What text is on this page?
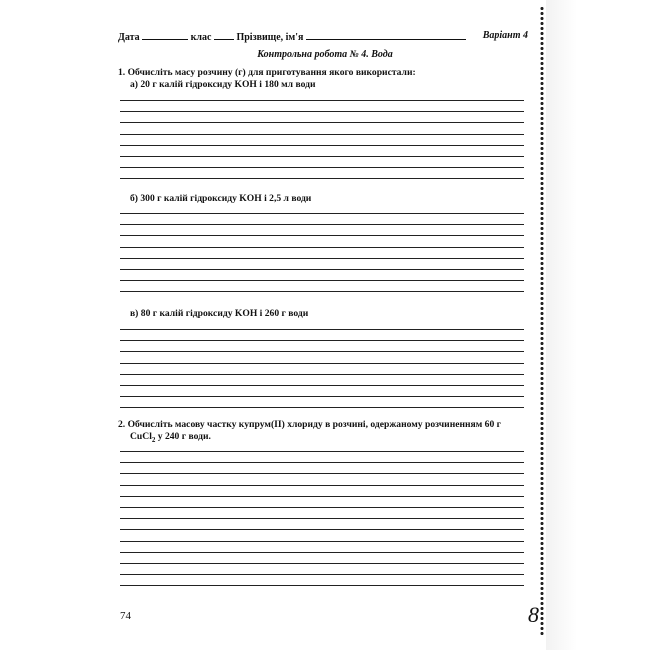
Дата	клас	Прізвище, ім'я	Варіант 4
Контрольна робота № 4. Вода
1. Обчисліть масу розчину (г) для приготування якого використали:
а) 20 г калій гідроксиду KOH і 180 мл води
б) 300 г калій гідроксиду KOH і 2,5 л води
в) 80 г калій гідроксиду KOH і 260 г води
2. Обчисліть масову частку купрум(ІІ) хлориду в розчині, одержаному розчиненням 60 г
CuCl$_2$ у 240 г води.
74	8
